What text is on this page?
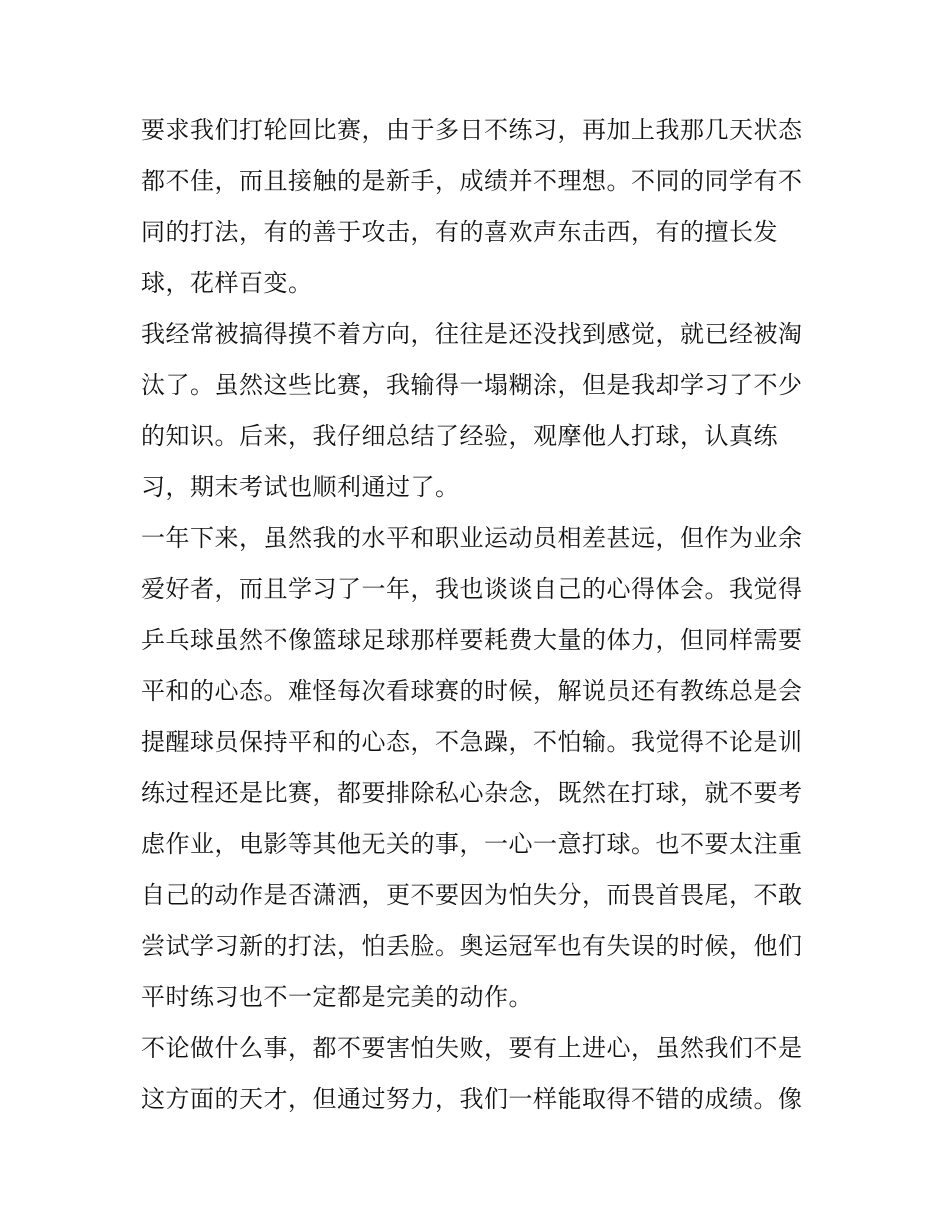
要求我们打轮回比赛，由于多日不练习，再加上我那几天状态
都不佳，而且接触的是新手，成绩并不理想。不同的同学有不
同的打法，有的善于攻击，有的喜欢声东击西，有的擅长发
球，花样百变。
我经常被搞得摸不着方向，往往是还没找到感觉，就已经被淘
汰了。虽然这些比赛，我输得一塌糊涂，但是我却学习了不少
的知识。后来，我仔细总结了经验，观摩他人打球，认真练
习，期末考试也顺利通过了。
一年下来，虽然我的水平和职业运动员相差甚远，但作为业余
爱好者，而且学习了一年，我也谈谈自己的心得体会。我觉得
乒乓球虽然不像篮球足球那样要耗费大量的体力，但同样需要
平和的心态。难怪每次看球赛的时候，解说员还有教练总是会
提醒球员保持平和的心态，不急躁，不怕输。我觉得不论是训
练过程还是比赛，都要排除私心杂念，既然在打球，就不要考
虑作业，电影等其他无关的事，一心一意打球。也不要太注重
自己的动作是否潇洒，更不要因为怕失分，而畏首畏尾，不敢
尝试学习新的打法，怕丢脸。奥运冠军也有失误的时候，他们
平时练习也不一定都是完美的动作。
不论做什么事，都不要害怕失败，要有上进心，虽然我们不是
这方面的天才，但通过努力，我们一样能取得不错的成绩。像
